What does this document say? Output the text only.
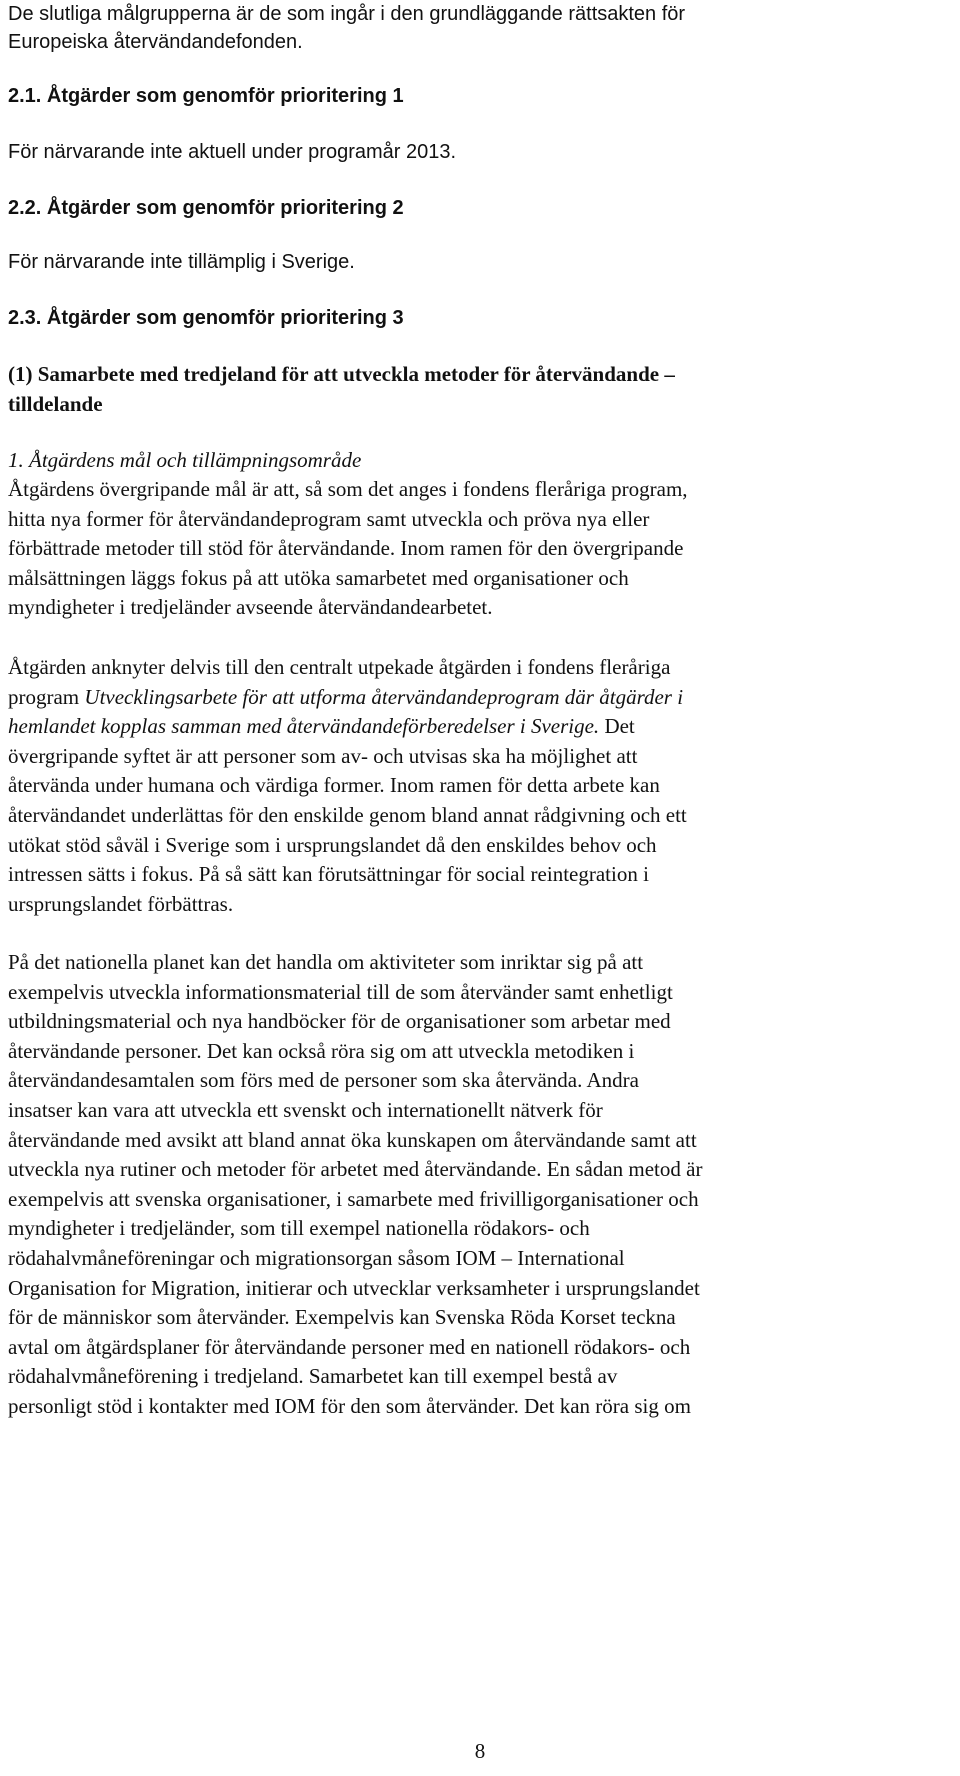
De slutliga målgrupperna är de som ingår i den grundläggande rättsakten för

Europeiska återvändandefonden.

2.1. Åtgärder som genomför prioritering 1

För närvarande inte aktuell under programår 2013.

2.2. Åtgärder som genomför prioritering 2

För närvarande inte tillämplig i Sverige.

2.3. Åtgärder som genomför prioritering 3

(1) Samarbete med tredjeland för att utveckla metoder för återvändande –

tilldelande

1. Åtgärdens mål och tillämpningsområde

Åtgärdens övergripande mål är att, så som det anges i fondens fleråriga program,

hitta nya former för återvändandeprogram samt utveckla och pröva nya eller

förbättrade metoder till stöd för återvändande. Inom ramen för den övergripande

målsättningen läggs fokus på att utöka samarbetet med organisationer och

myndigheter i tredjeländer avseende återvändandearbetet.

Åtgärden anknyter delvis till den centralt utpekade åtgärden i fondens fleråriga

program Utvecklingsarbete för att utforma återvändandeprogram där åtgärder i

hemlandet kopplas samman med återvändandeförberedelser i Sverige. Det

övergripande syftet är att personer som av- och utvisas ska ha möjlighet att

återvända under humana och värdiga former. Inom ramen för detta arbete kan

återvändandet underlättas för den enskilde genom bland annat rådgivning och ett

utökat stöd såväl i Sverige som i ursprungslandet då den enskildes behov och

intressen sätts i fokus. På så sätt kan förutsättningar för social reintegration i

ursprungslandet förbättras.

På det nationella planet kan det handla om aktiviteter som inriktar sig på att

exempelvis utveckla informationsmaterial till de som återvänder samt enhetligt

utbildningsmaterial och nya handböcker för de organisationer som arbetar med

återvändande personer. Det kan också röra sig om att utveckla metodiken i

återvändandesamtalen som förs med de personer som ska återvända. Andra

insatser kan vara att utveckla ett svenskt och internationellt nätverk för

återvändande med avsikt att bland annat öka kunskapen om återvändande samt att

utveckla nya rutiner och metoder för arbetet med återvändande. En sådan metod är

exempelvis att svenska organisationer, i samarbete med frivilligorganisationer och

myndigheter i tredjeländer, som till exempel nationella rödakors- och

rödahalvmåneföreningar och migrationsorgan såsom IOM – International

Organisation for Migration, initierar och utvecklar verksamheter i ursprungslandet

för de människor som återvänder. Exempelvis kan Svenska Röda Korset teckna

avtal om åtgärdsplaner för återvändande personer med en nationell rödakors- och

rödahalvmåneförening i tredjeland. Samarbetet kan till exempel bestå av

personligt stöd i kontakter med IOM för den som återvänder. Det kan röra sig om

8
